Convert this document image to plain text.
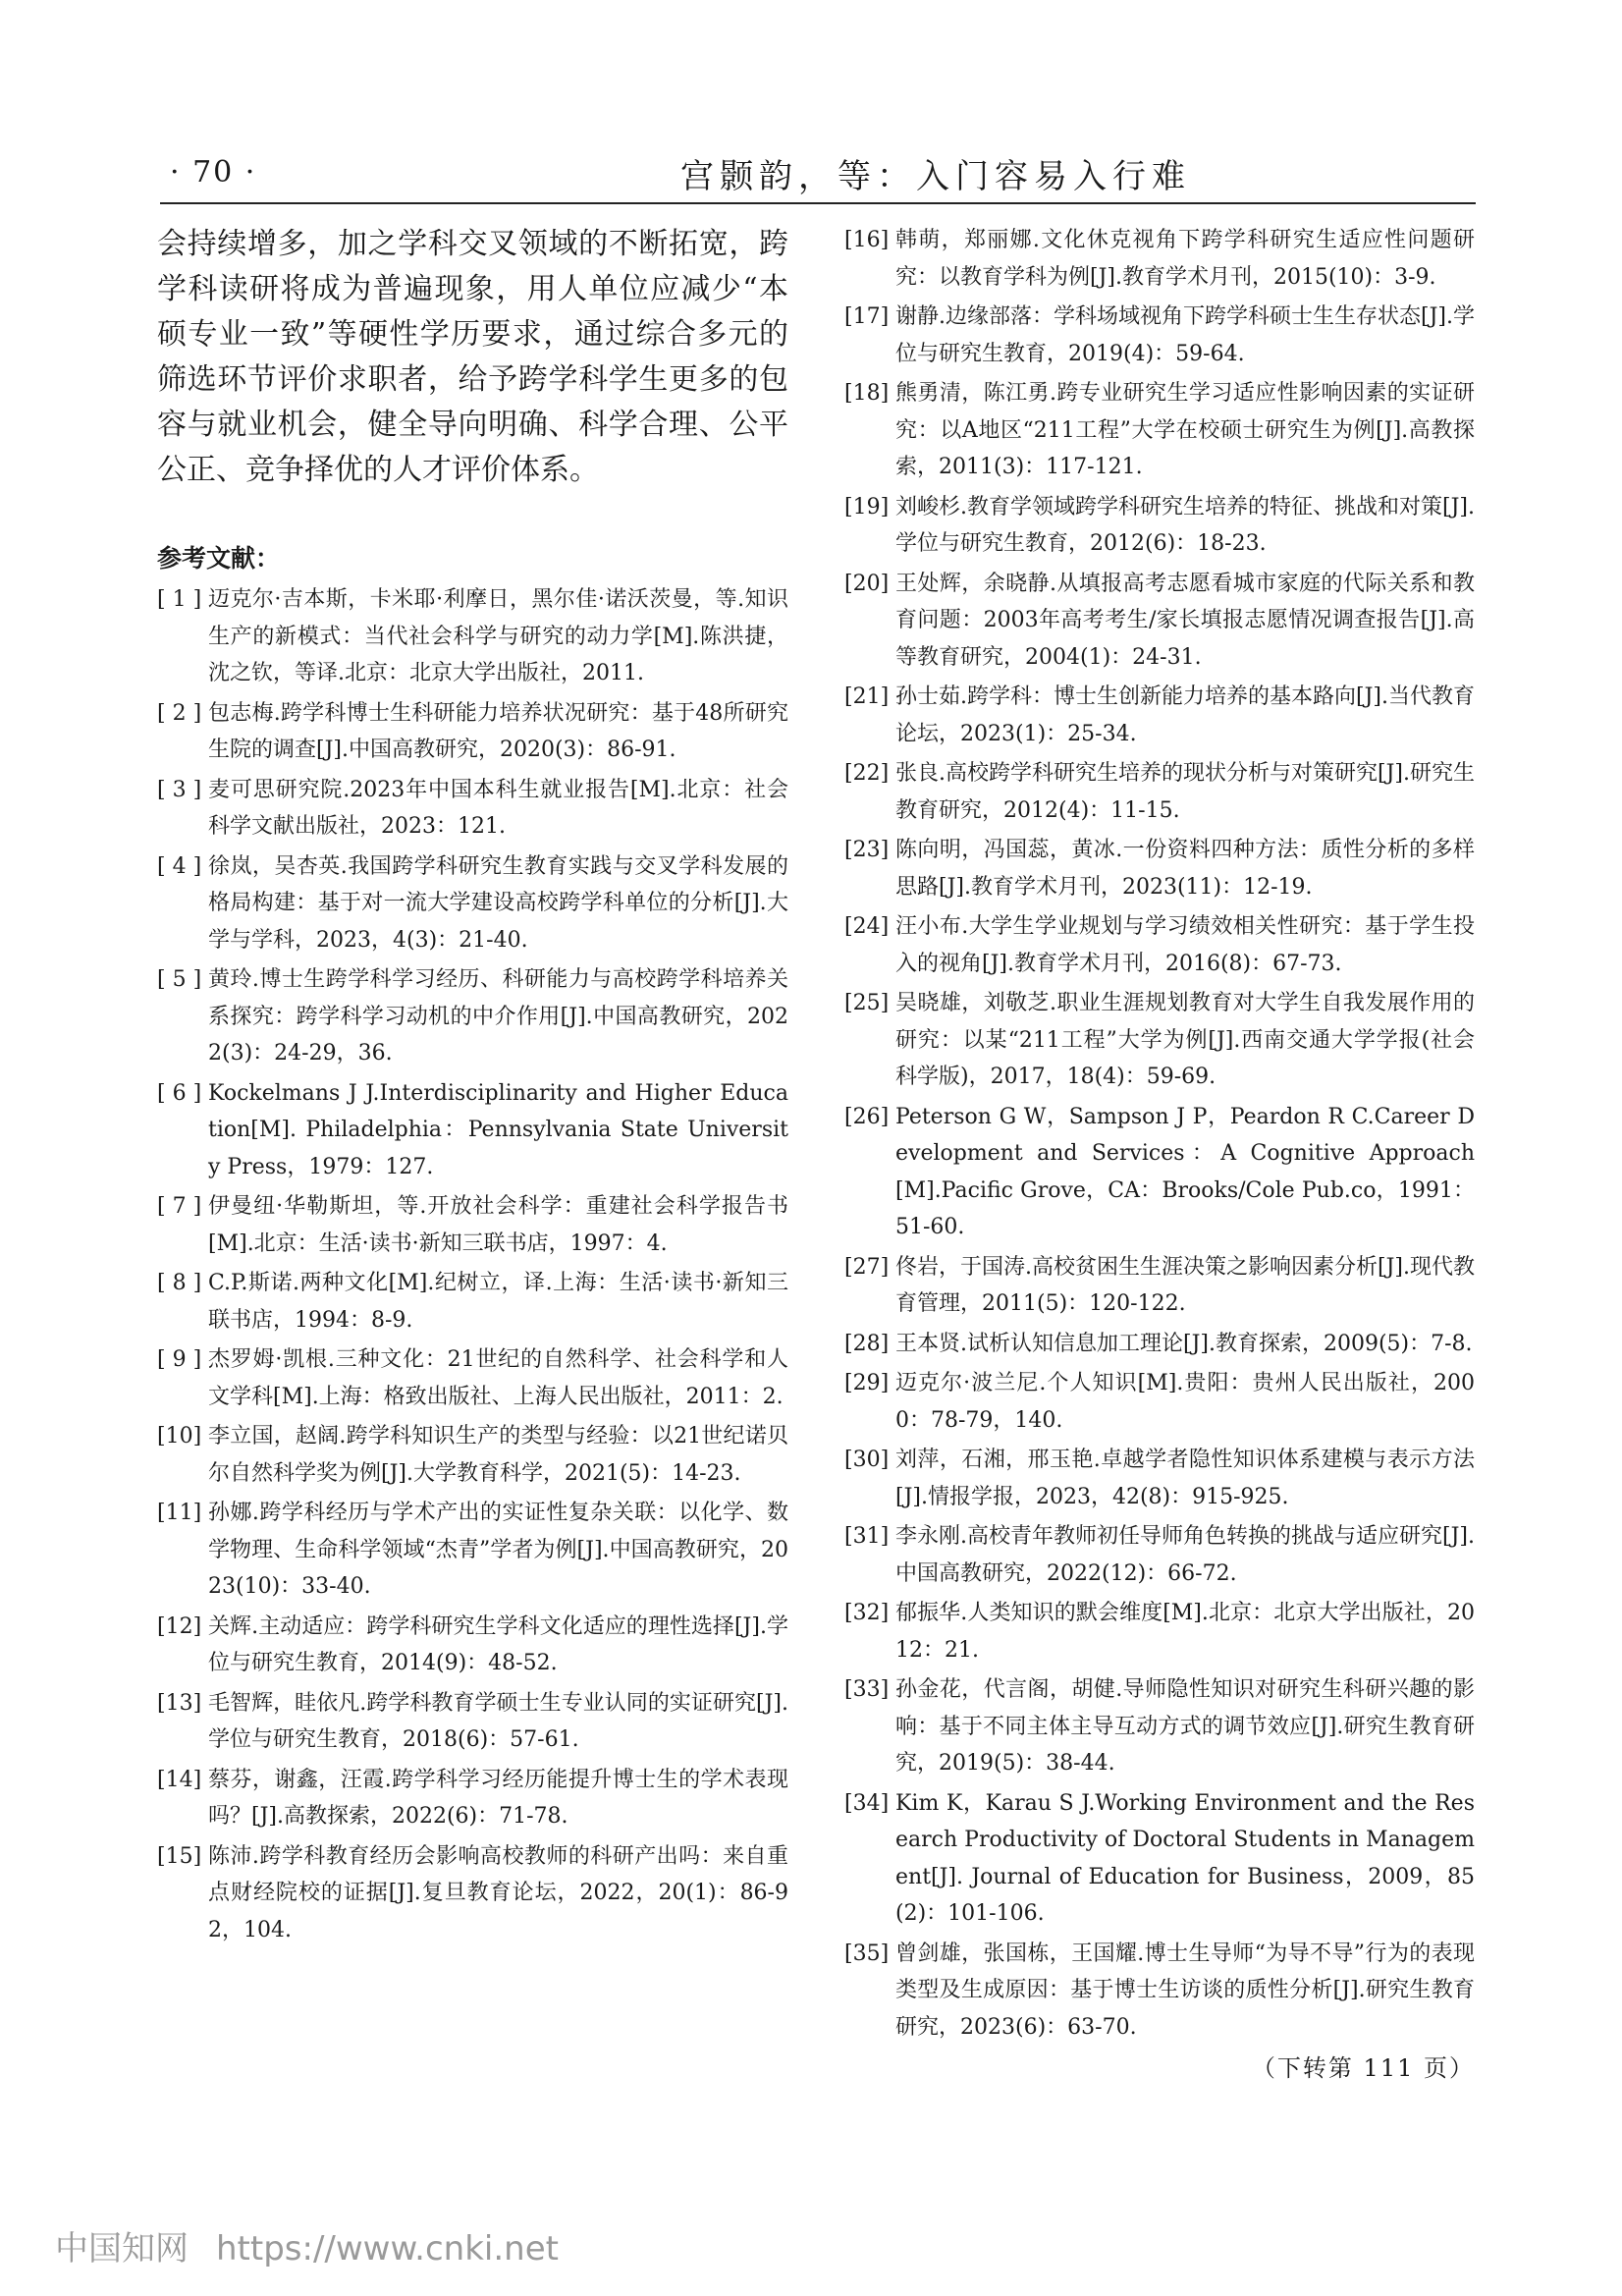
· 70 ·	宫颢韵，等：入门容易入行难

会持续增多，加之学科交叉领域的不断拓宽，跨学科读研将成为普遍现象，用人单位应减少“本硕专业一致”等硬性学历要求，通过综合多元的筛选环节评价求职者，给予跨学科学生更多的包容与就业机会，健全导向明确、科学合理、公平公正、竞争择优的人才评价体系。

参考文献：
[ 1 ] 迈克尔·吉本斯，卡米耶·利摩日，黑尔佳·诺沃茨曼，等.知识生产的新模式：当代社会科学与研究的动力学[M].陈洪捷，沈之钦，等译.北京：北京大学出版社，2011.
[ 2 ] 包志梅.跨学科博士生科研能力培养状况研究：基于48所研究生院的调查[J].中国高教研究，2020(3)：86-91.
[ 3 ] 麦可思研究院.2023年中国本科生就业报告[M].北京：社会科学文献出版社，2023：121.
[ 4 ] 徐岚，吴杏英.我国跨学科研究生教育实践与交叉学科发展的格局构建：基于对一流大学建设高校跨学科单位的分析[J].大学与学科，2023，4(3)：21-40.
[ 5 ] 黄玲.博士生跨学科学习经历、科研能力与高校跨学科培养关系探究：跨学科学习动机的中介作用[J].中国高教研究，2022(3)：24-29，36.
[ 6 ] Kockelmans J J.Interdisciplinarity and Higher Education[M]. Philadelphia：Pennsylvania State University Press，1979：127.
[ 7 ] 伊曼纽·华勒斯坦，等.开放社会科学：重建社会科学报告书[M].北京：生活·读书·新知三联书店，1997：4.
[ 8 ] C.P.斯诺.两种文化[M].纪树立，译.上海：生活·读书·新知三联书店，1994：8-9.
[ 9 ] 杰罗姆·凯根.三种文化：21世纪的自然科学、社会科学和人文学科[M].上海：格致出版社、上海人民出版社，2011：2.
[10] 李立国，赵阔.跨学科知识生产的类型与经验：以21世纪诺贝尔自然科学奖为例[J].大学教育科学，2021(5)：14-23.
[11] 孙娜.跨学科经历与学术产出的实证性复杂关联：以化学、数学物理、生命科学领域“杰青”学者为例[J].中国高教研究，2023(10)：33-40.
[12] 关辉.主动适应：跨学科研究生学科文化适应的理性选择[J].学位与研究生教育，2014(9)：48-52.
[13] 毛智辉，眭依凡.跨学科教育学硕士生专业认同的实证研究[J].学位与研究生教育，2018(6)：57-61.
[14] 蔡芬，谢鑫，汪霞.跨学科学习经历能提升博士生的学术表现吗？[J].高教探索，2022(6)：71-78.
[15] 陈沛.跨学科教育经历会影响高校教师的科研产出吗：来自重点财经院校的证据[J].复旦教育论坛，2022，20(1)：86-92，104.
[16] 韩萌，郑丽娜.文化休克视角下跨学科研究生适应性问题研究：以教育学科为例[J].教育学术月刊，2015(10)：3-9.
[17] 谢静.边缘部落：学科场域视角下跨学科硕士生生存状态[J].学位与研究生教育，2019(4)：59-64.
[18] 熊勇清，陈江勇.跨专业研究生学习适应性影响因素的实证研究：以A地区“211工程”大学在校硕士研究生为例[J].高教探索，2011(3)：117-121.
[19] 刘峻杉.教育学领域跨学科研究生培养的特征、挑战和对策[J].学位与研究生教育，2012(6)：18-23.
[20] 王处辉，余晓静.从填报高考志愿看城市家庭的代际关系和教育问题：2003年高考考生/家长填报志愿情况调查报告[J].高等教育研究，2004(1)：24-31.
[21] 孙士茹.跨学科：博士生创新能力培养的基本路向[J].当代教育论坛，2023(1)：25-34.
[22] 张良.高校跨学科研究生培养的现状分析与对策研究[J].研究生教育研究，2012(4)：11-15.
[23] 陈向明，冯国蕊，黄冰.一份资料四种方法：质性分析的多样思路[J].教育学术月刊，2023(11)：12-19.
[24] 汪小布.大学生学业规划与学习绩效相关性研究：基于学生投入的视角[J].教育学术月刊，2016(8)：67-73.
[25] 吴晓雄，刘敬芝.职业生涯规划教育对大学生自我发展作用的研究：以某“211工程”大学为例[J].西南交通大学学报(社会科学版)，2017，18(4)：59-69.
[26] Peterson G W，Sampson J P，Peardon R C.Career Development and Services：A Cognitive Approach[M].Pacific Grove，CA：Brooks/Cole Pub.co，1991：51-60.
[27] 佟岩，于国涛.高校贫困生生涯决策之影响因素分析[J].现代教育管理，2011(5)：120-122.
[28] 王本贤.试析认知信息加工理论[J].教育探索，2009(5)：7-8.
[29] 迈克尔·波兰尼.个人知识[M].贵阳：贵州人民出版社，2000：78-79，140.
[30] 刘萍，石湘，邢玉艳.卓越学者隐性知识体系建模与表示方法[J].情报学报，2023，42(8)：915-925.
[31] 李永刚.高校青年教师初任导师角色转换的挑战与适应研究[J].中国高教研究，2022(12)：66-72.
[32] 郁振华.人类知识的默会维度[M].北京：北京大学出版社，2012：21.
[33] 孙金花，代言阁，胡健.导师隐性知识对研究生科研兴趣的影响：基于不同主体主导互动方式的调节效应[J].研究生教育研究，2019(5)：38-44.
[34] Kim K，Karau S J.Working Environment and the Research Productivity of Doctoral Students in Management[J]. Journal of Education for Business，2009，85(2)：101-106.
[35] 曾剑雄，张国栋，王国耀.博士生导师“为导不导”行为的表现类型及生成原因：基于博士生访谈的质性分析[J].研究生教育研究，2023(6)：63-70.
（下转第 111 页）
中国知网 https://www.cnki.net
